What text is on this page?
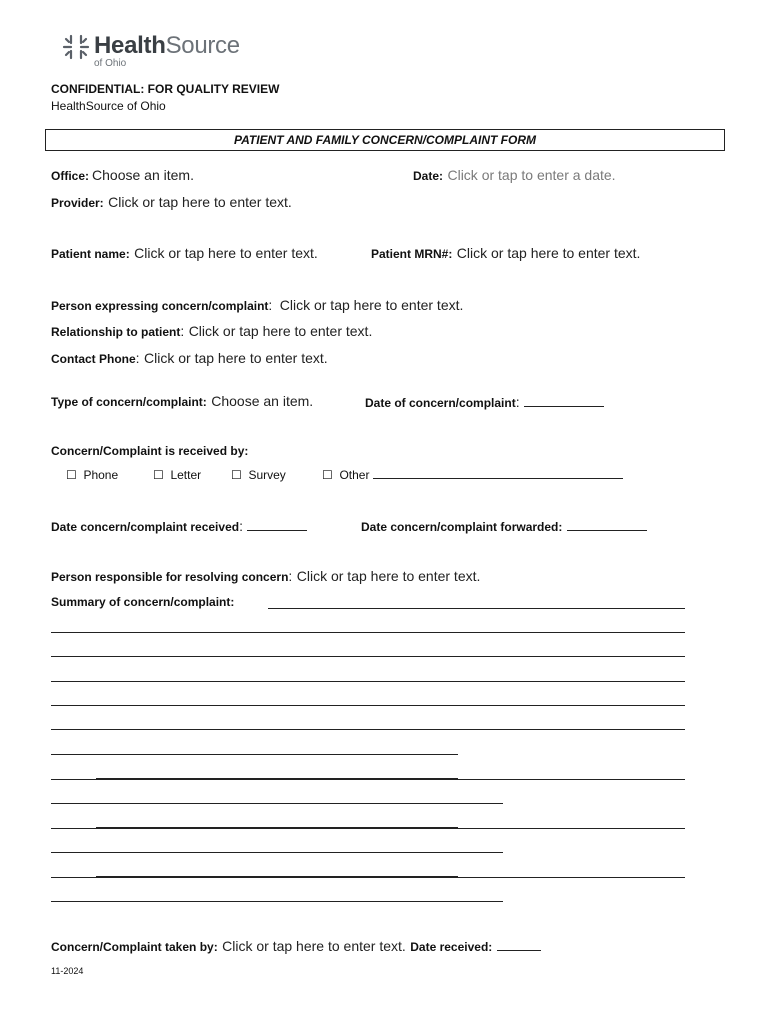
HealthSource
of Ohio
CONFIDENTIAL: FOR QUALITY REVIEW
HealthSource of Ohio
PATIENT AND FAMILY CONCERN/COMPLAINT FORM
Office: Choose an item.	Date: Click or tap to enter a date.
Provider: Click or tap here to enter text.
Patient name: Click or tap here to enter text.	Patient MRN#: Click or tap here to enter text.
Person expressing concern/complaint: Click or tap here to enter text.
Relationship to patient: Click or tap here to enter text.
Contact Phone: Click or tap here to enter text.
Type of concern/complaint: Choose an item.	Date of concern/complaint:
Concern/Complaint is received by:
☐ Phone	☐ Letter ☐ Survey	☐ Other
Date concern/complaint received:	Date concern/complaint forwarded:
Person responsible for resolving concern: Click or tap here to enter text.
Summary of concern/complaint:
Concern/Complaint taken by: Click or tap here to enter text. Date received:
11-2024
